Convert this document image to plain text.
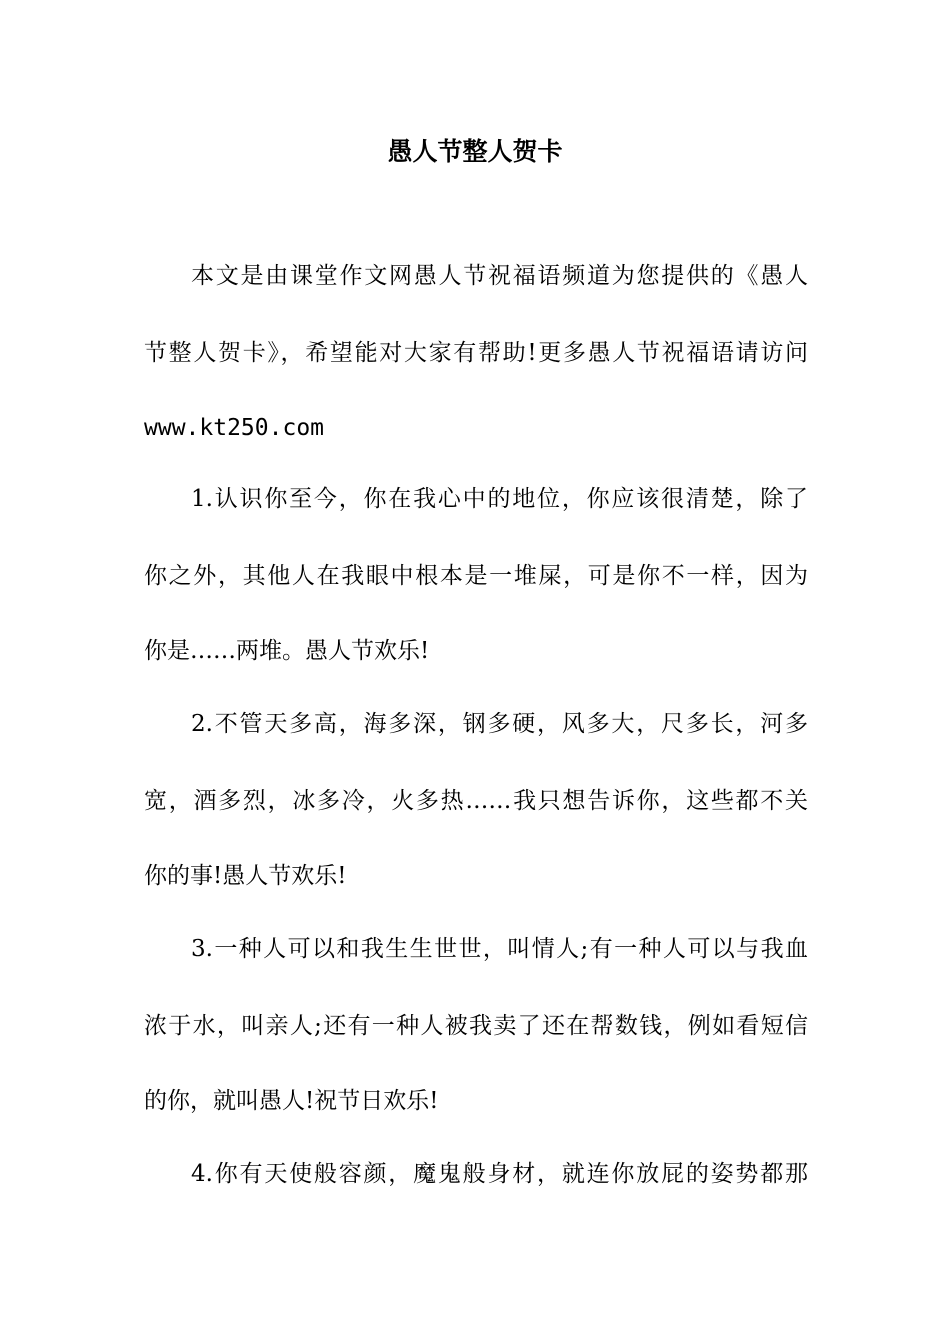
愚人节整人贺卡

本文是由课堂作文网愚人节祝福语频道为您提供的《愚人

节整人贺卡》，希望能对大家有帮助!更多愚人节祝福语请访问

www.kt250.com

1.认识你至今，你在我心中的地位，你应该很清楚，除了

你之外，其他人在我眼中根本是一堆屎，可是你不一样，因为

你是……两堆。愚人节欢乐!

2.不管天多高，海多深，钢多硬，风多大，尺多长，河多

宽，酒多烈，冰多冷，火多热……我只想告诉你，这些都不关

你的事!愚人节欢乐!

3.一种人可以和我生生世世，叫情人;有一种人可以与我血

浓于水，叫亲人;还有一种人被我卖了还在帮数钱，例如看短信

的你，就叫愚人!祝节日欢乐!

4.你有天使般容颜，魔鬼般身材，就连你放屁的姿势都那
